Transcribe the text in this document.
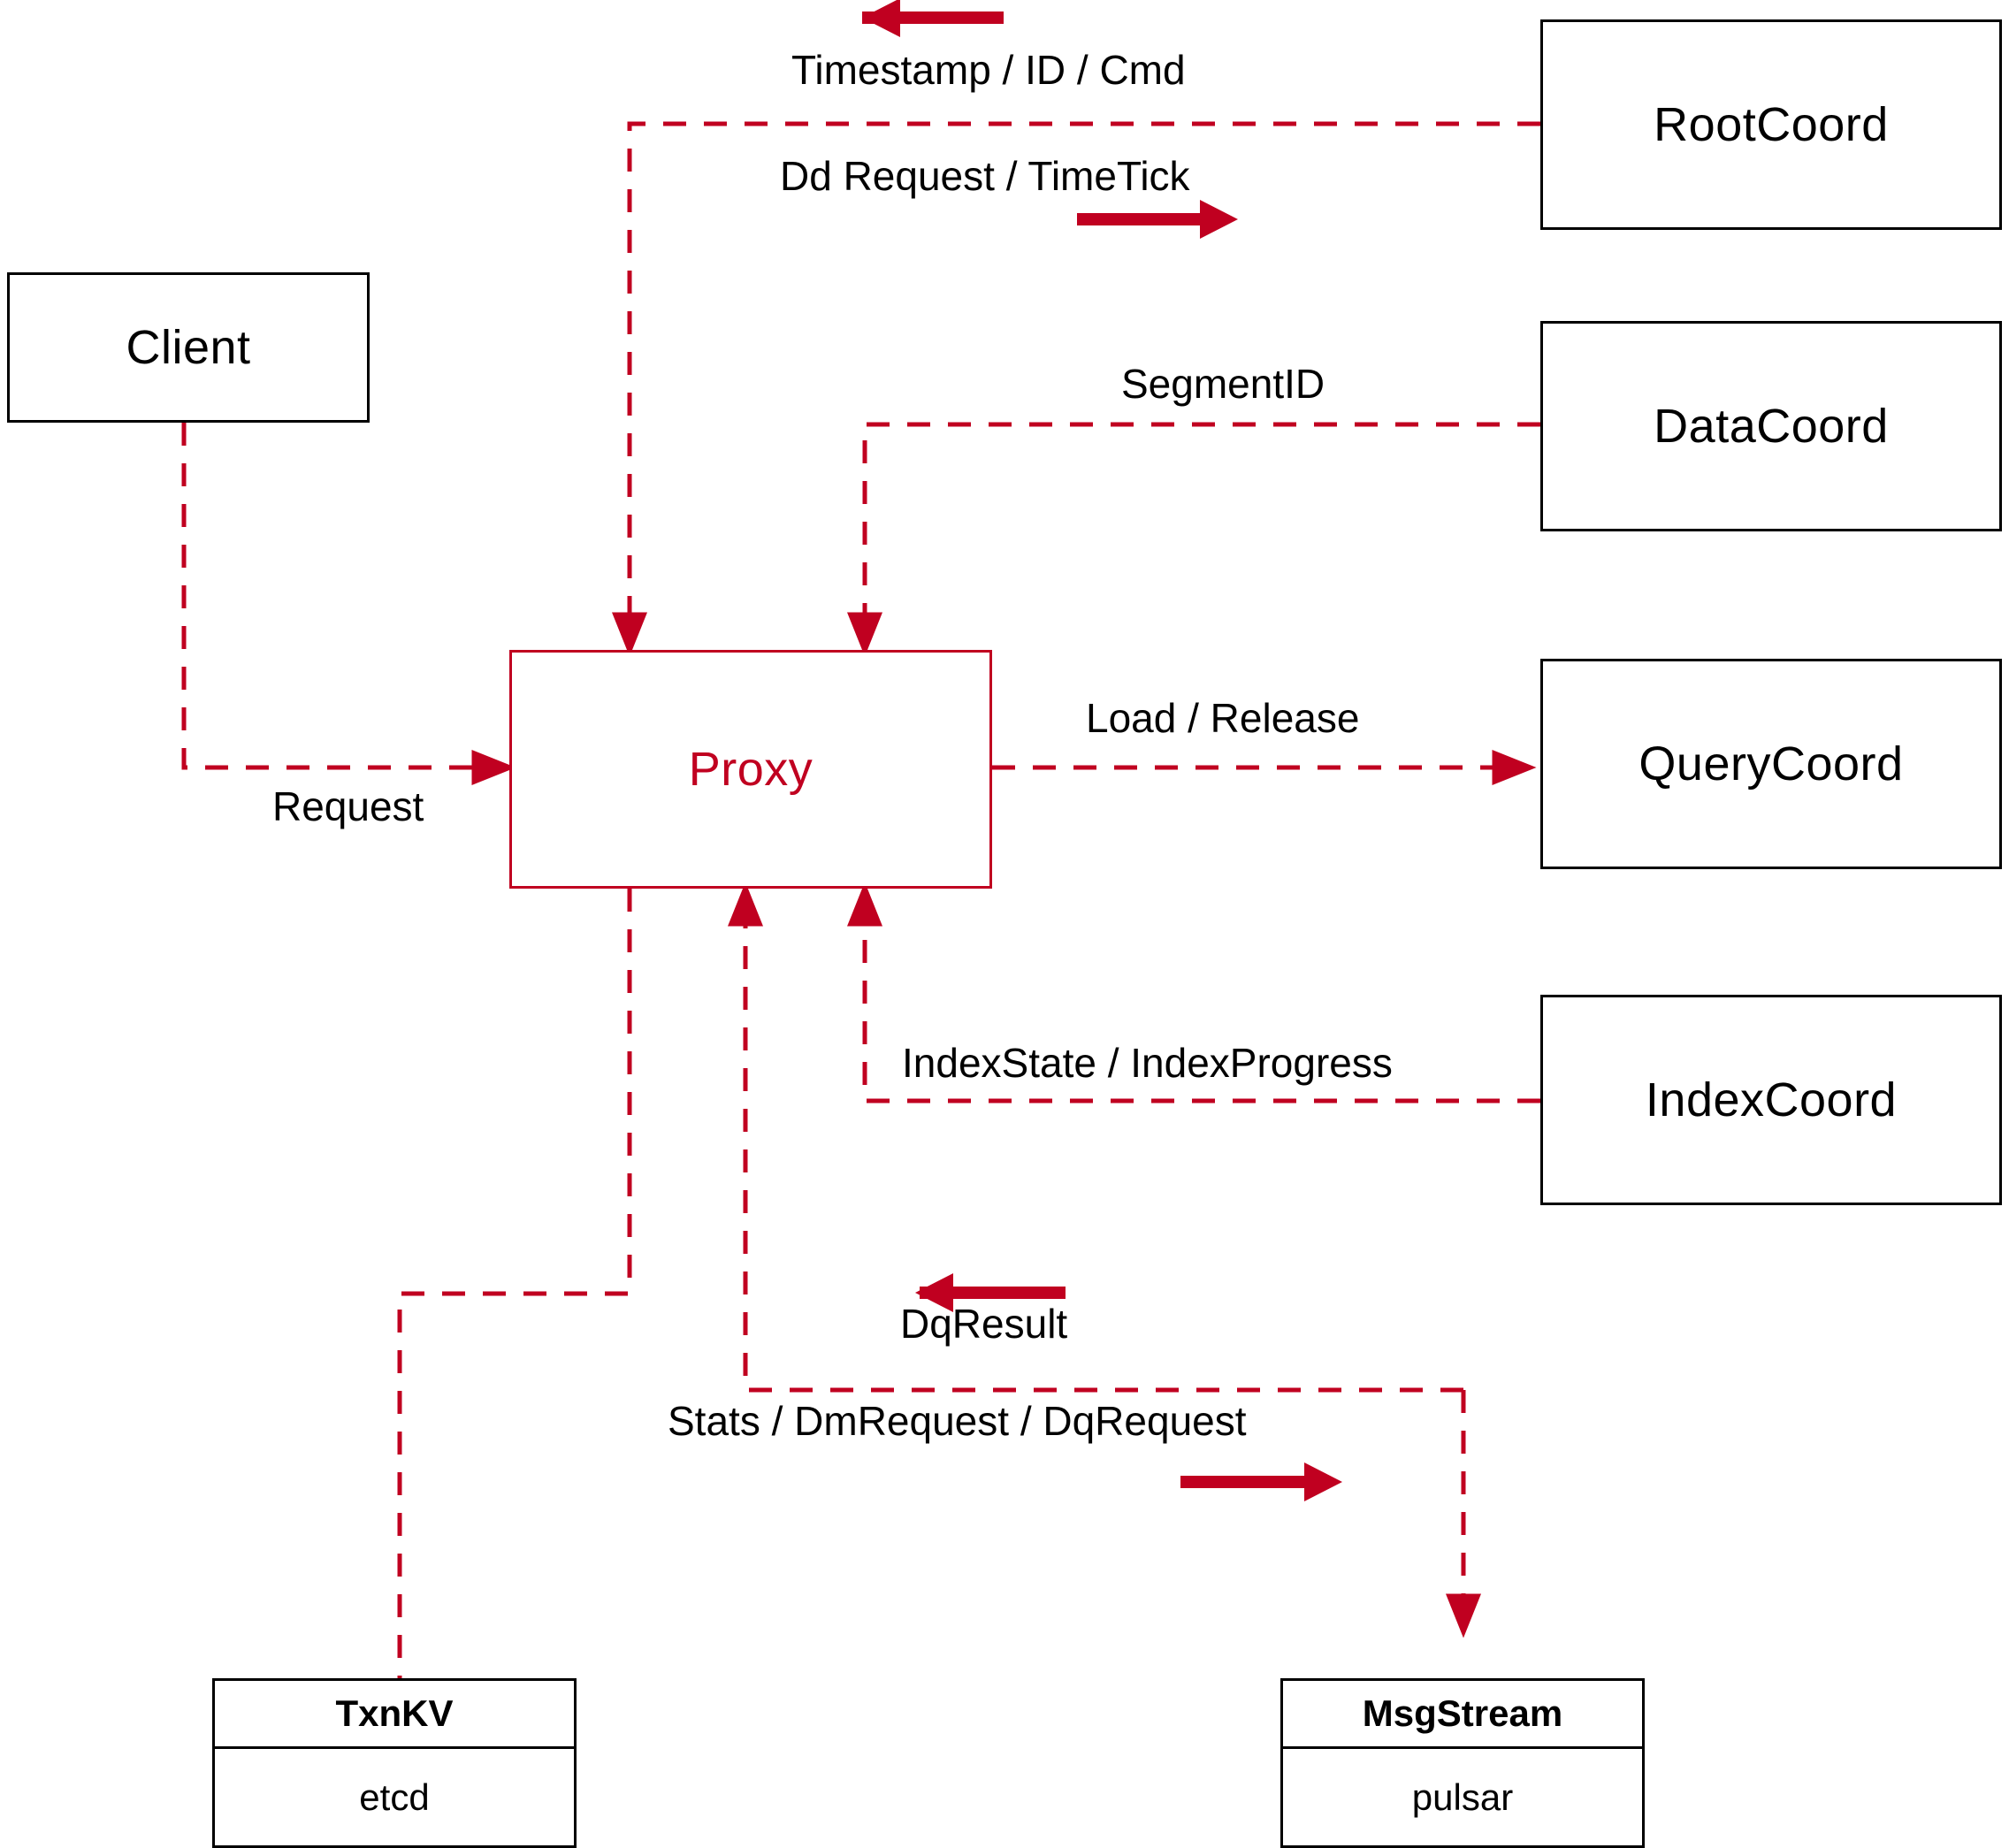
Client
Proxy
RootCoord
DataCoord
QueryCoord
IndexCoord
TxnKV
etcd
MsgStream
pulsar
Timestamp / ID / Cmd
Dd Request / TimeTick
SegmentID
Request
Load / Release
IndexState / IndexProgress
DqResult
Stats / DmRequest / DqRequest
